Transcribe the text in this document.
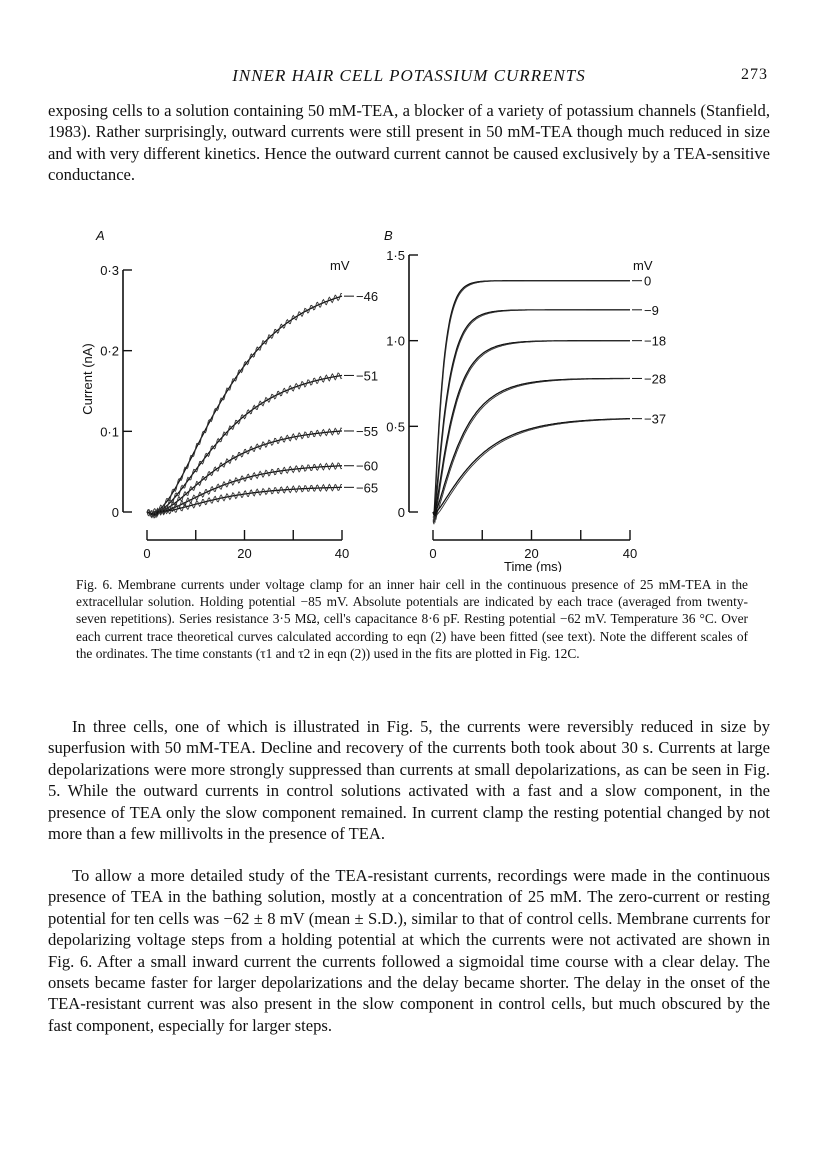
INNER HAIR CELL POTASSIUM CURRENTS	273

exposing cells to a solution containing 50 mM-TEA, a blocker of a variety of potassium channels (Stanfield, 1983). Rather surprisingly, outward currents were still present in 50 mM-TEA though much reduced in size and with very different kinetics. Hence the outward current cannot be caused exclusively by a TEA-sensitive conductance.

A
mV
Current (nA)
0
0·1
0·2
0·3
0	20	40
−46
−51
−55
−60
−65
B
mV
0
0·5
1·0
1·5
0	20	40
0
−9
−18
−28
−37
Time (ms)

Fig. 6. Membrane currents under voltage clamp for an inner hair cell in the continuous presence of 25 mM-TEA in the extracellular solution. Holding potential −85 mV. Absolute potentials are indicated by each trace (averaged from twenty-seven repetitions). Series resistance 3·5 MΩ, cell's capacitance 8·6 pF. Resting potential −62 mV. Temperature 36 °C. Over each current trace theoretical curves calculated according to eqn (2) have been fitted (see text). Note the different scales of the ordinates. The time constants (τ1 and τ2 in eqn (2)) used in the fits are plotted in Fig. 12C.

In three cells, one of which is illustrated in Fig. 5, the currents were reversibly reduced in size by superfusion with 50 mM-TEA. Decline and recovery of the currents both took about 30 s. Currents at large depolarizations were more strongly suppressed than currents at small depolarizations, as can be seen in Fig. 5. While the outward currents in control solutions activated with a fast and a slow component, in the presence of TEA only the slow component remained. In current clamp the resting potential changed by not more than a few millivolts in the presence of TEA.

To allow a more detailed study of the TEA-resistant currents, recordings were made in the continuous presence of TEA in the bathing solution, mostly at a concentration of 25 mM. The zero-current or resting potential for ten cells was −62 ± 8 mV (mean ± S.D.), similar to that of control cells. Membrane currents for depolarizing voltage steps from a holding potential at which the currents were not activated are shown in Fig. 6. After a small inward current the currents followed a sigmoidal time course with a clear delay. The onsets became faster for larger depolarizations and the delay became shorter. The delay in the onset of the TEA-resistant current was also present in the slow component in control cells, but much obscured by the fast component, especially for larger steps.
